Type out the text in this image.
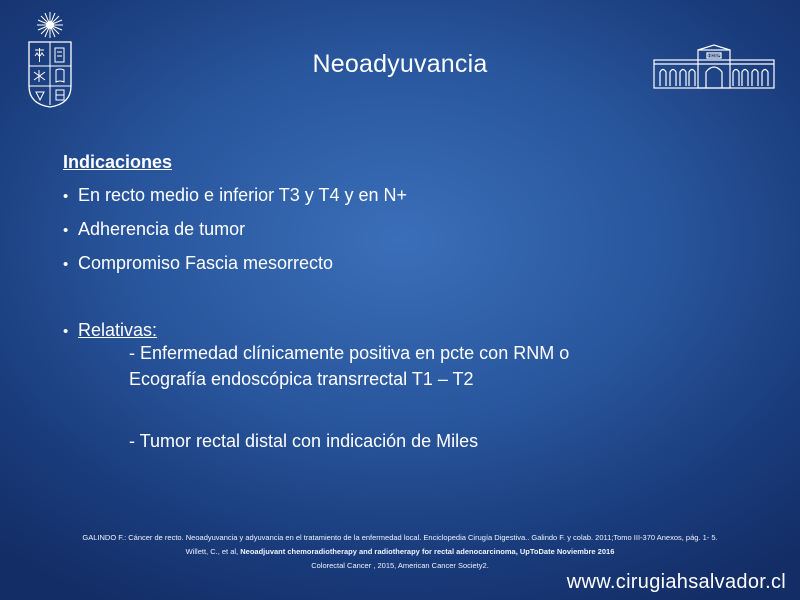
HOSP
Neoadyuvancia
Indicaciones
• En recto medio e inferior T3 y T4 y en N+
• Adherencia de tumor
• Compromiso Fascia mesorrecto
• Relativas:
- Enfermedad clínicamente positiva en pcte con RNM o
Ecografía endoscópica transrrectal T1 – T2
- Tumor rectal distal con indicación de Miles
GALINDO F.: Cáncer de recto. Neoadyuvancia y adyuvancia en el tratamiento de la enfermedad local. Enciclopedia Cirugía Digestiva.. Galindo F. y colab. 2011;Tomo III-370 Anexos, pág. 1- 5.
Willett, C., et al, Neoadjuvant chemoradiotherapy and radiotherapy for rectal adenocarcinoma, UpToDate Noviembre 2016
Colorectal Cancer , 2015, American Cancer Society2.
www.cirugiahsalvador.cl
